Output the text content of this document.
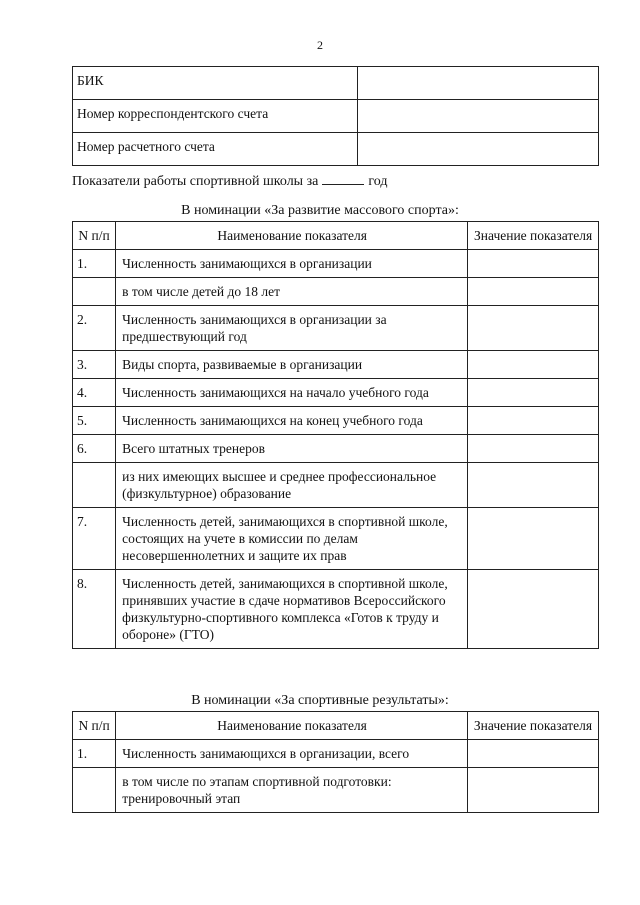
2
БИК	
Номер корреспондентского счета	
Номер расчетного счета	
Показатели работы спортивной школы за	год
В номинации «За развитие массового спорта»:
N п/п	Наименование показателя	Значение показателя
1.	Численность занимающихся в организации	
	в том числе детей до 18 лет	
2.	Численность занимающихся в организации за предшествующий год	
3.	Виды спорта, развиваемые в организации	
4.	Численность занимающихся на начало учебного года	
5.	Численность занимающихся на конец учебного года	
6.	Всего штатных тренеров	
	из них имеющих высшее и среднее профессиональное (физкультурное) образование	
7.	Численность детей, занимающихся в спортивной школе, состоящих на учете в комиссии по делам несовершеннолетних и защите их прав	
8.	Численность детей, занимающихся в спортивной школе, принявших участие в сдаче нормативов Всероссийского физкультурно-спортивного комплекса «Готов к труду и обороне» (ГТО)	
В номинации «За спортивные результаты»:
N п/п	Наименование показателя	Значение показателя
1.	Численность занимающихся в организации, всего	
	в том числе по этапам спортивной подготовки: тренировочный этап	
